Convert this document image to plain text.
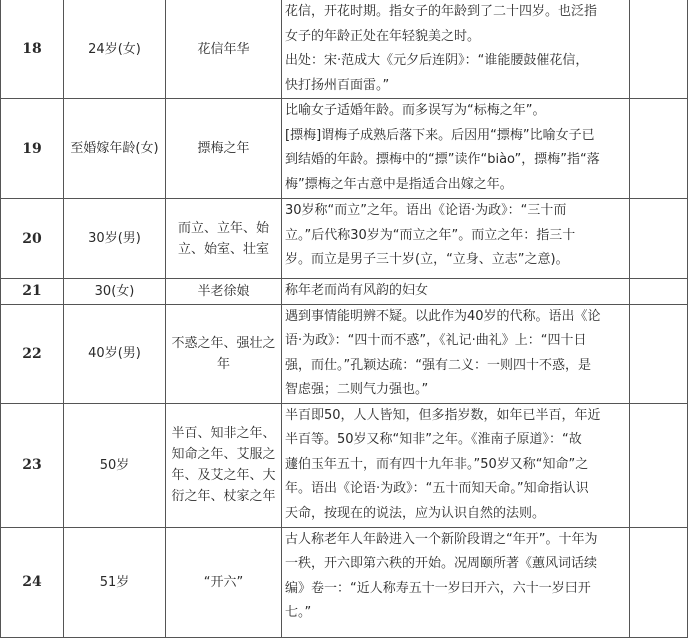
18	24岁(女)	花信年华	花信，开花时期。指女子的年龄到了二十四岁。也泛指
女子的年龄正处在年轻貌美之时。
出处：宋·范成大《元夕后连阴》：“谁能腰鼓催花信，
快打扬州百面雷。”	

19	至婚嫁年龄(女)	摽梅之年	比喻女子适婚年龄。而多误写为“标梅之年”。
[摽梅]谓梅子成熟后落下来。后因用“摽梅”比喻女子已
到结婚的年龄。摽梅中的“摽”读作“biào”，摽梅”指“落
梅”摽梅之年古意中是指适合出嫁之年。	

20	30岁(男)	而立、立年、始
立、始室、壮室	30岁称“而立”之年。语出《论语·为政》：“三十而
立。”后代称30岁为“而立之年”。而立之年：指三十
岁。而立是男子三十岁(立，“立身、立志”之意)。	

21	30(女)	半老徐娘	称年老而尚有风韵的妇女	

22	40岁(男)	不惑之年、强壮之
年	遇到事情能明辨不疑。以此作为40岁的代称。语出《论
语·为政》：“四十而不惑”，《礼记·曲礼》上：“四十日
强，而仕。”孔颖达疏：“强有二义：一则四十不惑，是
智虑强；二则气力强也。”	

23	50岁	半百、知非之年、
知命之年、艾服之
年、及艾之年、大
衍之年、杖家之年	半百即50，人人皆知，但多指岁数，如年已半百，年近
半百等。50岁又称“知非”之年。《淮南子原道》：“故
蘧伯玉年五十，而有四十九年非。”50岁又称“知命”之
年。语出《论语·为政》：“五十而知天命。”知命指认识
天命，按现在的说法，应为认识自然的法则。	

24	51岁	“开六”	古人称老年人年龄进入一个新阶段谓之“年开”。十年为
一秩，开六即第六秩的开始。况周颐所著《蕙风词话续
编》卷一：“近人称寿五十一岁曰开六，六十一岁曰开
七。”	
